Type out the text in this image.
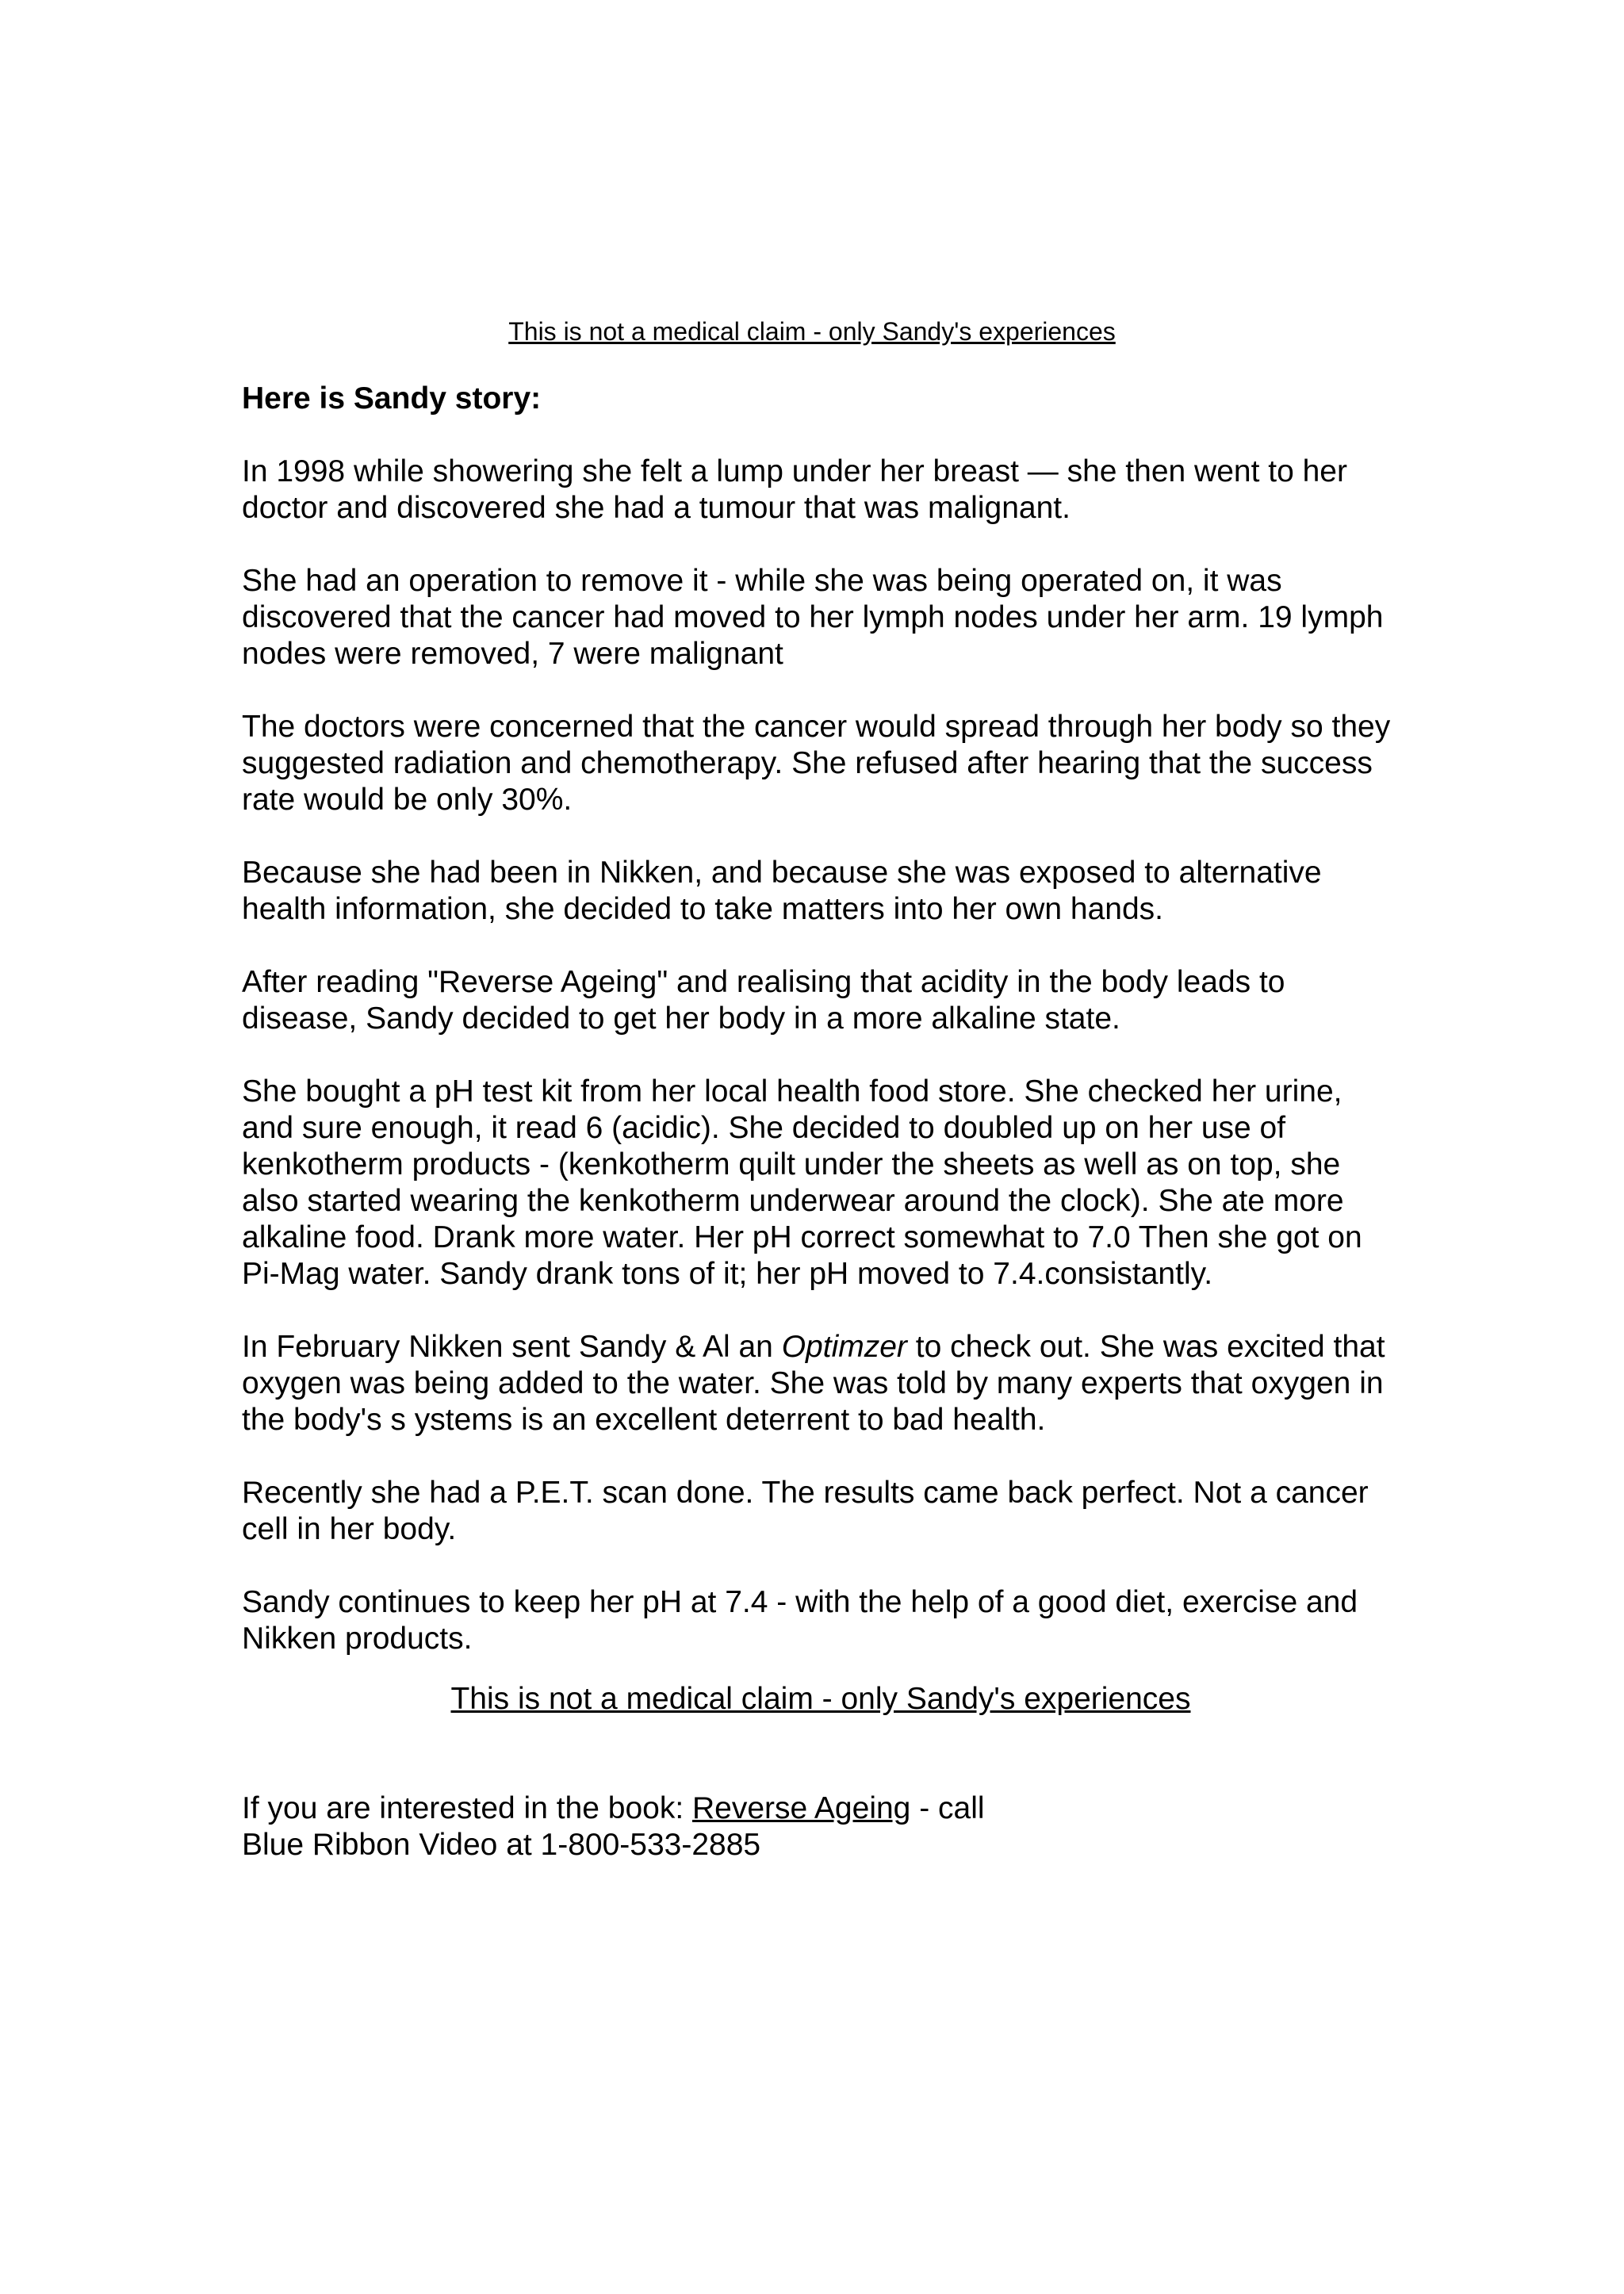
This is not a medical claim - only Sandy's experiences
Here is Sandy story:

In 1998 while showering she felt a lump under her breast — she then went to her doctor and discovered she had a tumour that was malignant.

She had an operation to remove it - while she was being operated on, it was discovered that the cancer had moved to her lymph nodes under her arm. 19 lymph nodes were removed, 7 were malignant

The doctors were concerned that the cancer would spread through her body so they suggested radiation and chemotherapy. She refused after hearing that the success rate would be only 30%.

Because she had been in Nikken, and because she was exposed to alternative health information, she decided to take matters into her own hands.

After reading "Reverse Ageing" and realising that acidity in the body leads to disease, Sandy decided to get her body in a more alkaline state.

She bought a pH test kit from her local health food store. She checked her urine, and sure enough, it read 6 (acidic). She decided to doubled up on her use of kenkotherm products - (kenkotherm quilt under the sheets as well as on top, she also started wearing the kenkotherm underwear around the clock). She ate more alkaline food. Drank more water. Her pH correct somewhat to 7.0 Then she got on Pi-Mag water. Sandy drank tons of it; her pH moved to 7.4.consistantly.

In February Nikken sent Sandy & Al an Optimzer to check out. She was excited that oxygen was being added to the water. She was told by many experts that oxygen in the body's s ystems is an excellent deterrent to bad health.

Recently she had a P.E.T. scan done. The results came back perfect. Not a cancer cell in her body.

Sandy continues to keep her pH at 7.4 - with the help of a good diet, exercise and Nikken products.

This is not a medical claim - only Sandy's experiences
If you are interested in the book: Reverse Ageing - call
Blue Ribbon Video at 1-800-533-2885
